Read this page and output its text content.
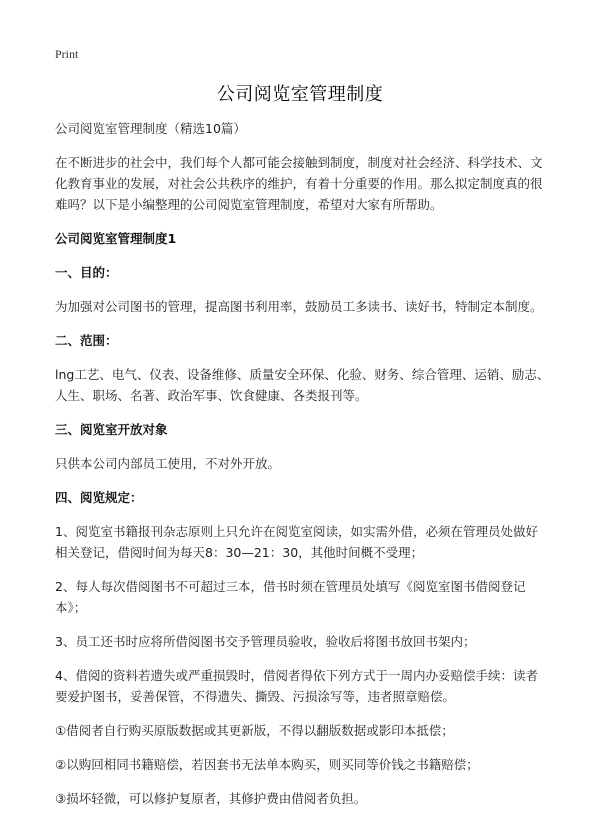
Print
公司阅览室管理制度

公司阅览室管理制度（精选10篇）

在不断进步的社会中，我们每个人都可能会接触到制度，制度对社会经济、科学技术、文化教育事业的发展，对社会公共秩序的维护，有着十分重要的作用。那么拟定制度真的很难吗？以下是小编整理的公司阅览室管理制度，希望对大家有所帮助。

公司阅览室管理制度1

一、目的：

为加强对公司图书的管理，提高图书利用率，鼓励员工多读书、读好书，特制定本制度。

二、范围：

lng工艺、电气、仪表、设备维修、质量安全环保、化验、财务、综合管理、运销、励志、人生、职场、名著、政治军事、饮食健康、各类报刊等。

三、阅览室开放对象

只供本公司内部员工使用，不对外开放。

四、阅览规定：

1、阅览室书籍报刊杂志原则上只允许在阅览室阅读，如实需外借，必须在管理员处做好相关登记，借阅时间为每天8：30—21：30，其他时间概不受理；

2、每人每次借阅图书不可超过三本，借书时须在管理员处填写《阅览室图书借阅登记本》；

3、员工还书时应将所借阅图书交予管理员验收，验收后将图书放回书架内；

4、借阅的资料若遗失或严重损毁时，借阅者得依下列方式于一周内办妥赔偿手续：读者要爱护图书，妥善保管，不得遗失、撕毁、污损涂写等，违者照章赔偿。

①借阅者自行购买原版数据或其更新版，不得以翻版数据或影印本抵偿；

②以购回相同书籍赔偿，若因套书无法单本购买，则买同等价钱之书籍赔偿；

③损坏轻微，可以修护复原者，其修护费由借阅者负担。
